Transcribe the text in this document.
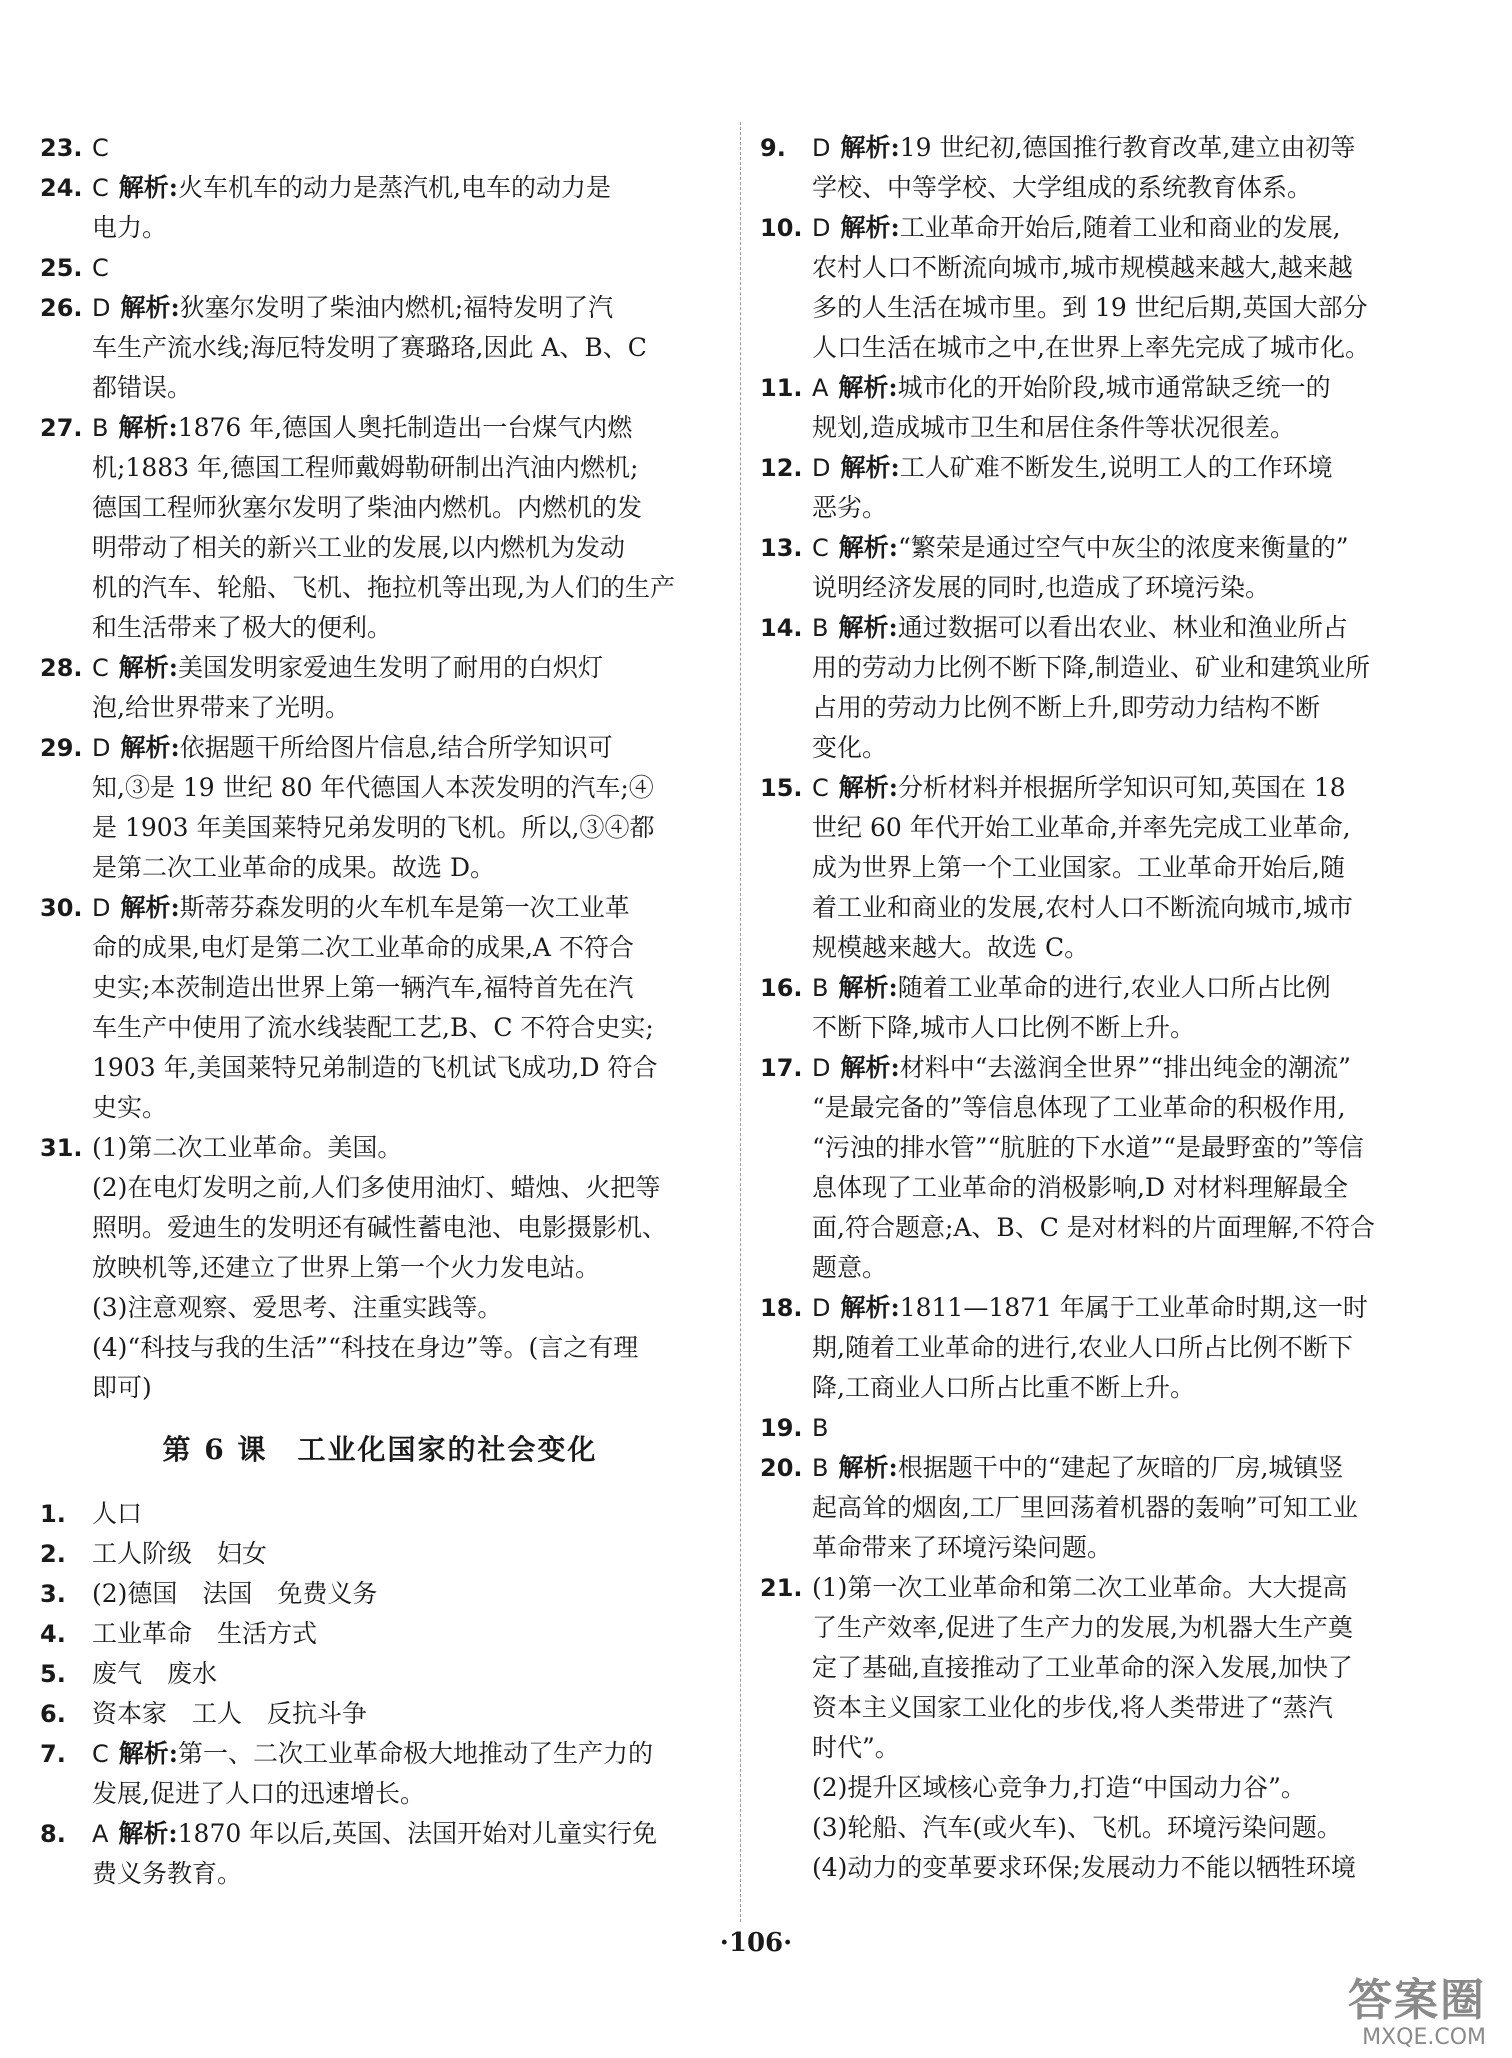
23. C
24. C 解析:火车机车的动力是蒸汽机,电车的动力是
电力。
25. C
26. D 解析:狄塞尔发明了柴油内燃机;福特发明了汽
车生产流水线;海厄特发明了赛璐珞,因此 A、B、C
都错误。
27. B 解析:1876 年,德国人奥托制造出一台煤气内燃
机;1883 年,德国工程师戴姆勒研制出汽油内燃机;
德国工程师狄塞尔发明了柴油内燃机。内燃机的发
明带动了相关的新兴工业的发展,以内燃机为发动
机的汽车、轮船、飞机、拖拉机等出现,为人们的生产
和生活带来了极大的便利。
28. C 解析:美国发明家爱迪生发明了耐用的白炽灯
泡,给世界带来了光明。
29. D 解析:依据题干所给图片信息,结合所学知识可
知,③是 19 世纪 80 年代德国人本茨发明的汽车;④
是 1903 年美国莱特兄弟发明的飞机。所以,③④都
是第二次工业革命的成果。故选 D。
30. D 解析:斯蒂芬森发明的火车机车是第一次工业革
命的成果,电灯是第二次工业革命的成果,A 不符合
史实;本茨制造出世界上第一辆汽车,福特首先在汽
车生产中使用了流水线装配工艺,B、C 不符合史实;
1903 年,美国莱特兄弟制造的飞机试飞成功,D 符合
史实。
31. (1)第二次工业革命。美国。
(2)在电灯发明之前,人们多使用油灯、蜡烛、火把等
照明。爱迪生的发明还有碱性蓄电池、电影摄影机、
放映机等,还建立了世界上第一个火力发电站。
(3)注意观察、爱思考、注重实践等。
(4)“科技与我的生活”“科技在身边”等。(言之有理
即可)
第 6 课　工业化国家的社会变化
1. 人口
2. 工人阶级　妇女
3. (2)德国　法国　免费义务
4. 工业革命　生活方式
5. 废气　废水
6. 资本家　工人　反抗斗争
7. C 解析:第一、二次工业革命极大地推动了生产力的
发展,促进了人口的迅速增长。
8. A 解析:1870 年以后,英国、法国开始对儿童实行免
费义务教育。
9. D 解析:19 世纪初,德国推行教育改革,建立由初等
学校、中等学校、大学组成的系统教育体系。
10. D 解析:工业革命开始后,随着工业和商业的发展,
农村人口不断流向城市,城市规模越来越大,越来越
多的人生活在城市里。到 19 世纪后期,英国大部分
人口生活在城市之中,在世界上率先完成了城市化。
11. A 解析:城市化的开始阶段,城市通常缺乏统一的
规划,造成城市卫生和居住条件等状况很差。
12. D 解析:工人矿难不断发生,说明工人的工作环境
恶劣。
13. C 解析:“繁荣是通过空气中灰尘的浓度来衡量的”
说明经济发展的同时,也造成了环境污染。
14. B 解析:通过数据可以看出农业、林业和渔业所占
用的劳动力比例不断下降,制造业、矿业和建筑业所
占用的劳动力比例不断上升,即劳动力结构不断
变化。
15. C 解析:分析材料并根据所学知识可知,英国在 18
世纪 60 年代开始工业革命,并率先完成工业革命,
成为世界上第一个工业国家。工业革命开始后,随
着工业和商业的发展,农村人口不断流向城市,城市
规模越来越大。故选 C。
16. B 解析:随着工业革命的进行,农业人口所占比例
不断下降,城市人口比例不断上升。
17. D 解析:材料中“去滋润全世界”“排出纯金的潮流”
“是最完备的”等信息体现了工业革命的积极作用,
“污浊的排水管”“肮脏的下水道”“是最野蛮的”等信
息体现了工业革命的消极影响,D 对材料理解最全
面,符合题意;A、B、C 是对材料的片面理解,不符合
题意。
18. D 解析:1811—1871 年属于工业革命时期,这一时
期,随着工业革命的进行,农业人口所占比例不断下
降,工商业人口所占比重不断上升。
19. B
20. B 解析:根据题干中的“建起了灰暗的厂房,城镇竖
起高耸的烟囱,工厂里回荡着机器的轰响”可知工业
革命带来了环境污染问题。
21. (1)第一次工业革命和第二次工业革命。大大提高
了生产效率,促进了生产力的发展,为机器大生产奠
定了基础,直接推动了工业革命的深入发展,加快了
资本主义国家工业化的步伐,将人类带进了“蒸汽
时代”。
(2)提升区域核心竞争力,打造“中国动力谷”。
(3)轮船、汽车(或火车)、飞机。环境污染问题。
(4)动力的变革要求环保;发展动力不能以牺牲环境
·106·
答案圈
MXQE.COM
